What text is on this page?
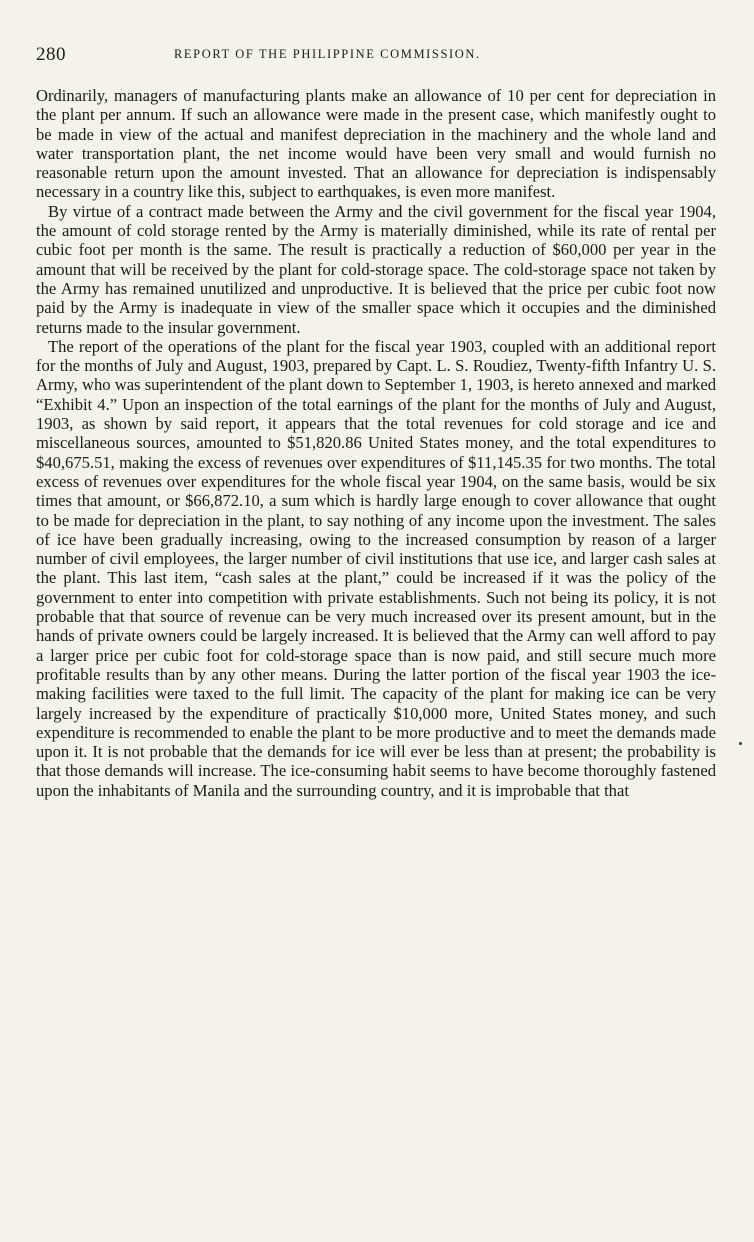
280	REPORT OF THE PHILIPPINE COMMISSION.

Ordinarily, managers of manufacturing plants make an allowance of 10 per cent for depreciation in the plant per annum. If such an allowance were made in the present case, which manifestly ought to be made in view of the actual and manifest depreciation in the machinery and the whole land and water transportation plant, the net income would have been very small and would furnish no reasonable return upon the amount invested. That an allowance for depreciation is indispensably necessary in a country like this, subject to earthquakes, is even more manifest.

By virtue of a contract made between the Army and the civil government for the fiscal year 1904, the amount of cold storage rented by the Army is materially diminished, while its rate of rental per cubic foot per month is the same. The result is practically a reduction of $60,000 per year in the amount that will be received by the plant for cold-storage space. The cold-storage space not taken by the Army has remained unutilized and unproductive. It is believed that the price per cubic foot now paid by the Army is inadequate in view of the smaller space which it occupies and the diminished returns made to the insular government.

The report of the operations of the plant for the fiscal year 1903, coupled with an additional report for the months of July and August, 1903, prepared by Capt. L. S. Roudiez, Twenty-fifth Infantry U. S. Army, who was superintendent of the plant down to September 1, 1903, is hereto annexed and marked “Exhibit 4.” Upon an inspection of the total earnings of the plant for the months of July and August, 1903, as shown by said report, it appears that the total revenues for cold storage and ice and miscellaneous sources, amounted to $51,820.86 United States money, and the total expenditures to $40,675.51, making the excess of revenues over expenditures of $11,145.35 for two months. The total excess of revenues over expenditures for the whole fiscal year 1904, on the same basis, would be six times that amount, or $66,872.10, a sum which is hardly large enough to cover allowance that ought to be made for depreciation in the plant, to say nothing of any income upon the investment. The sales of ice have been gradually increasing, owing to the increased consumption by reason of a larger number of civil employees, the larger number of civil institutions that use ice, and larger cash sales at the plant. This last item, “cash sales at the plant,” could be increased if it was the policy of the government to enter into competition with private establishments. Such not being its policy, it is not probable that that source of revenue can be very much increased over its present amount, but in the hands of private owners could be largely increased. It is believed that the Army can well afford to pay a larger price per cubic foot for cold-storage space than is now paid, and still secure much more profitable results than by any other means. During the latter portion of the fiscal year 1903 the ice-making facilities were taxed to the full limit. The capacity of the plant for making ice can be very largely increased by the expenditure of practically $10,000 more, United States money, and such expenditure is recommended to enable the plant to be more productive and to meet the demands made upon it. It is not probable that the demands for ice will ever be less than at present; the probability is that those demands will increase. The ice-consuming habit seems to have become thoroughly fastened upon the inhabitants of Manila and the surrounding country, and it is improbable that that
